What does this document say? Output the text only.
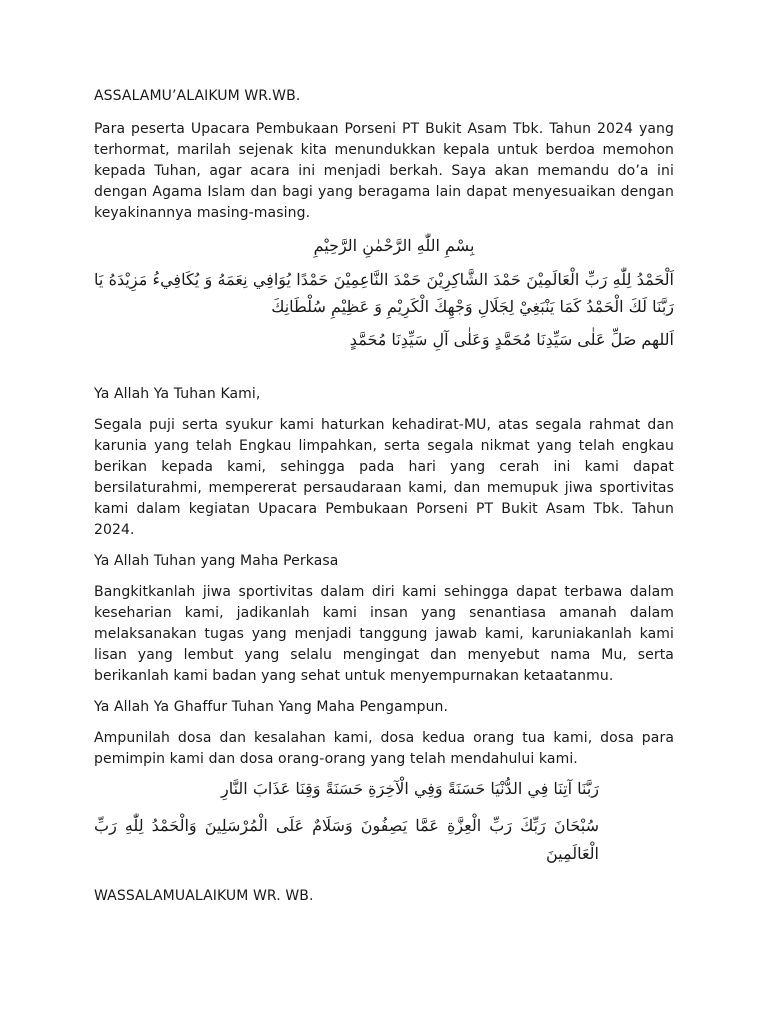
ASSALAMU’ALAIKUM WR.WB.

Para peserta Upacara Pembukaan Porseni PT Bukit Asam Tbk. Tahun 2024 yang terhormat, marilah sejenak kita menundukkan kepala untuk berdoa memohon kepada Tuhan, agar acara ini menjadi berkah. Saya akan memandu do’a ini dengan Agama Islam dan bagi yang beragama lain dapat menyesuaikan dengan keyakinannya masing-masing.

بِسْمِ اللّٰهِ الرَّحْمٰنِ الرَّحِيْمِ

اَلْحَمْدُ لِلّٰهِ رَبِّ الْعَالَمِيْنَ حَمْدَ الشَّاكِرِيْنَ حَمْدَ النَّاعِمِيْنَ حَمْدًا يُوَافِي نِعَمَهُ وَ يُكَافِيءُ مَزِيْدَهُ يَا رَبَّنَا لَكَ الْحَمْدُ كَمَا يَنْبَغِيْ لِجَلَالِ وَجْهِكَ الْكَرِيْمِ وَ عَظِيْمِ سُلْطَانِكَ

اَللهم صَلِّ عَلٰى سَيِّدِنَا مُحَمَّدٍ وَعَلٰى آلِ سَيِّدِنَا مُحَمَّدٍ

Ya Allah Ya Tuhan Kami,

Segala puji serta syukur kami haturkan kehadirat-MU, atas segala rahmat dan karunia yang telah Engkau limpahkan, serta segala nikmat yang telah engkau berikan kepada kami, sehingga pada hari yang cerah ini kami dapat bersilaturahmi, mempererat persaudaraan kami, dan memupuk jiwa sportivitas kami dalam kegiatan Upacara Pembukaan Porseni PT Bukit Asam Tbk. Tahun 2024.

Ya Allah Tuhan yang Maha Perkasa

Bangkitkanlah jiwa sportivitas dalam diri kami sehingga dapat terbawa dalam keseharian kami, jadikanlah kami insan yang senantiasa amanah dalam melaksanakan tugas yang menjadi tanggung jawab kami, karuniakanlah kami lisan yang lembut yang selalu mengingat dan menyebut nama Mu, serta berikanlah kami badan yang sehat untuk menyempurnakan ketaatanmu.

Ya Allah Ya Ghaffur Tuhan Yang Maha Pengampun.

Ampunilah dosa dan kesalahan kami, dosa kedua orang tua kami, dosa para pemimpin kami dan dosa orang-orang yang telah mendahului kami.

رَبَّنَا آتِنَا فِي الدُّنْيَا حَسَنَةً وَفِي الْآخِرَةِ حَسَنَةً وَقِنَا عَذَابَ النَّارِ

سُبْحَانَ رَبِّكَ رَبِّ الْعِزَّةِ عَمَّا يَصِفُونَ وَسَلَامٌ عَلَى الْمُرْسَلِينَ وَالْحَمْدُ لِلّٰهِ رَبِّ الْعَالَمِينَ

WASSALAMUALAIKUM WR. WB.
